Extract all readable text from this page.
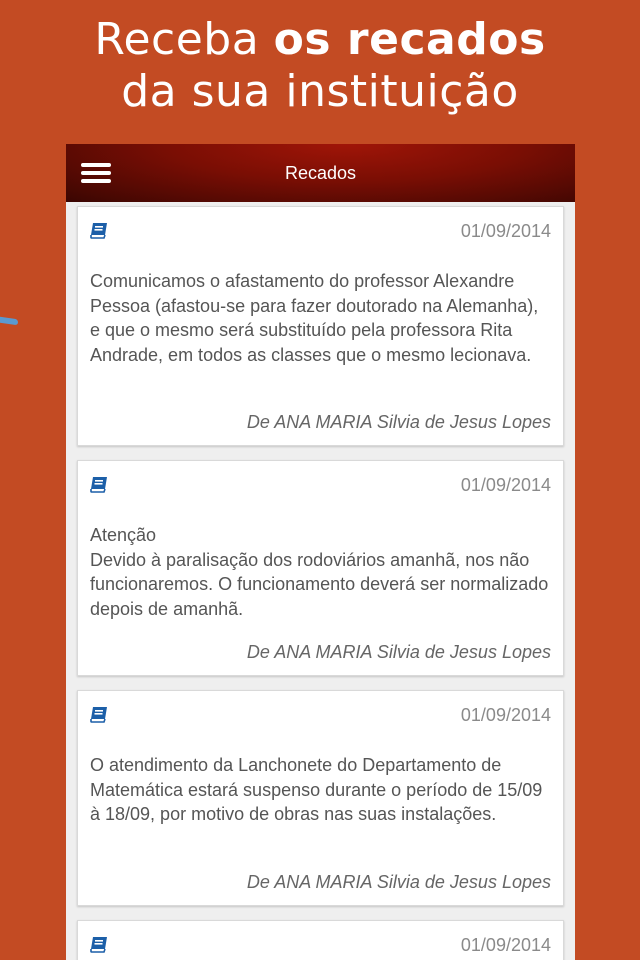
Receba os recados
da sua instituição
Recados
01/09/2014
Comunicamos o afastamento do professor Alexandre Pessoa (afastou-se para fazer doutorado na Alemanha), e que o mesmo será substituído pela professora Rita Andrade, em todos as classes que o mesmo lecionava.
De ANA MARIA Silvia de Jesus Lopes
01/09/2014
Atenção
Devido à paralisação dos rodoviários amanhã, nos não funcionaremos. O funcionamento deverá ser normalizado depois de amanhã.
De ANA MARIA Silvia de Jesus Lopes
01/09/2014
O atendimento da Lanchonete do Departamento de Matemática estará suspenso durante o período de 15/09 à 18/09, por motivo de obras nas suas instalações.
De ANA MARIA Silvia de Jesus Lopes
01/09/2014
